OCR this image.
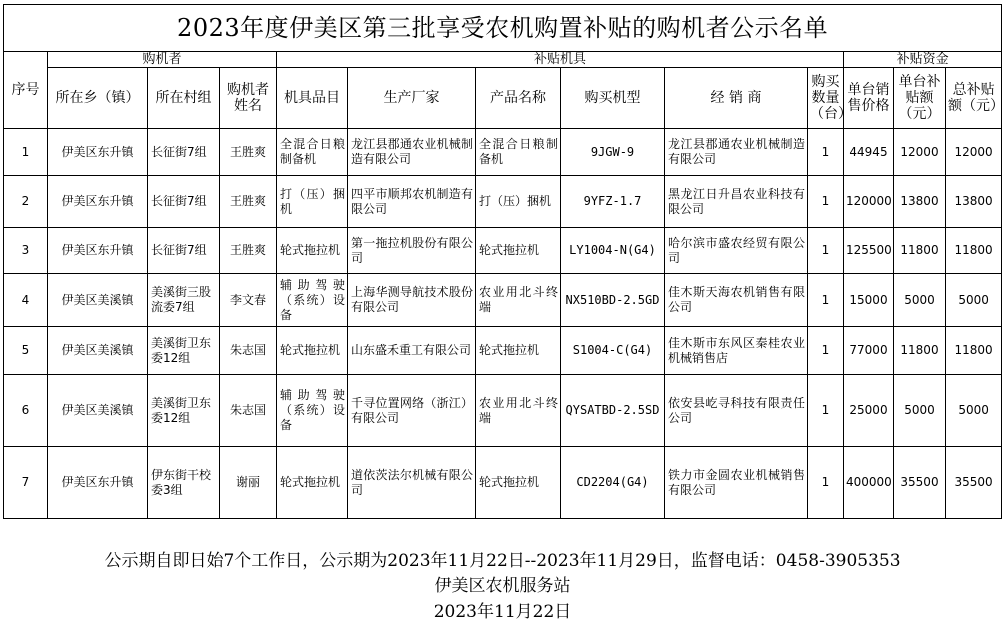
2023年度伊美区第三批享受农机购置补贴的购机者公示名单												
序号	购机者			补贴机具						补贴资金		
	所在乡（镇）	所在村组	购机者姓名	机具品目	生产厂家	产品名称	购买机型	经 销 商	购买数量（台）	单台销售价格	单台补贴额（元）	总补贴额（元）
1	伊美区东升镇	长征街7组	王胜爽	全混合日粮制备机	龙江县郡通农业机械制造有限公司	全混合日粮制备机	9JGW-9	龙江县郡通农业机械制造有限公司	1	44945	12000	12000
2	伊美区东升镇	长征街7组	王胜爽	打（压）捆机	四平市顺邦农机制造有限公司	打（压）捆机	9YFZ-1.7	黑龙江日升昌农业科技有限公司	1	120000	13800	13800
3	伊美区东升镇	长征街7组	王胜爽	轮式拖拉机	第一拖拉机股份有限公司	轮式拖拉机	LY1004-N(G4)	哈尔滨市盛农经贸有限公司	1	125500	11800	11800
4	伊美区美溪镇	美溪街三股流委7组	李文春	辅助驾驶（系统）设备	上海华测导航技术股份有限公司	农业用北斗终端	NX510BD-2.5GD	佳木斯天海农机销售有限公司	1	15000	5000	5000
5	伊美区美溪镇	美溪街卫东委12组	朱志国	轮式拖拉机	山东盛禾重工有限公司	轮式拖拉机	S1004-C(G4)	佳木斯市东风区秦桂农业机械销售店	1	77000	11800	11800
6	伊美区美溪镇	美溪街卫东委12组	朱志国	辅助驾驶（系统）设备	千寻位置网络（浙江）有限公司	农业用北斗终端	QYSATBD-2.5SD	依安县屹寻科技有限责任公司	1	25000	5000	5000
7	伊美区东升镇	伊东街干校委3组	谢丽	轮式拖拉机	道依茨法尔机械有限公司	轮式拖拉机	CD2204(G4)	铁力市金圆农业机械销售有限公司	1	400000	35500	35500
公示期自即日始7个工作日，公示期为2023年11月22日--2023年11月29日，监督电话：0458-3905353
伊美区农机服务站
2023年11月22日
